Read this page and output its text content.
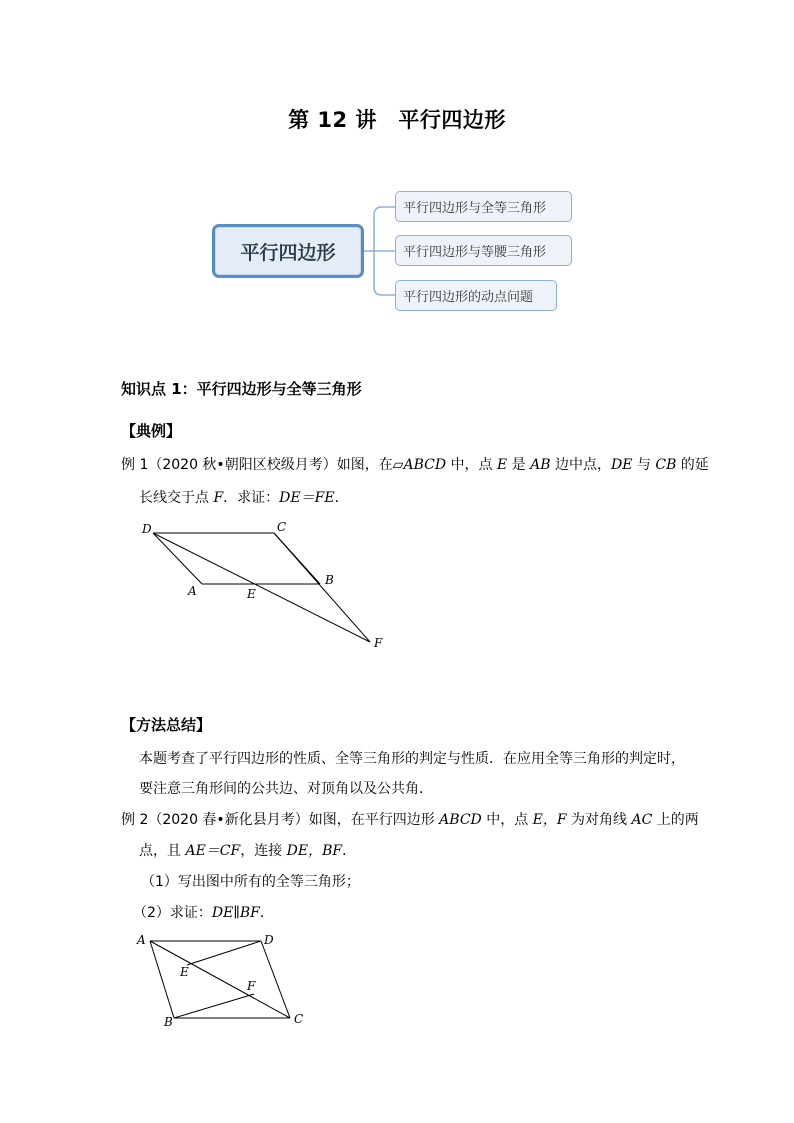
第 12 讲　平行四边形
平行四边形
平行四边形与全等三角形
平行四边形与等腰三角形
平行四边形的动点问题
知识点 1：平行四边形与全等三角形
【典例】
例 1（2020 秋•朝阳区校级月考）如图，在▱ABCD 中，点 E 是 AB 边中点，DE 与 CB 的延
长线交于点 F．求证：DE＝FE．
D	C
A	E
B
F
【方法总结】
本题考查了平行四边形的性质、全等三角形的判定与性质．在应用全等三角形的判定时，
要注意三角形间的公共边、对顶角以及公共角．
例 2（2020 春•新化县月考）如图，在平行四边形 ABCD 中，点 E，F 为对角线 AC 上的两
点，且 AE＝CF，连接 DE，BF．
（1）写出图中所有的全等三角形；
（2）求证：DE∥BF．
A	D
E
F
B	C
